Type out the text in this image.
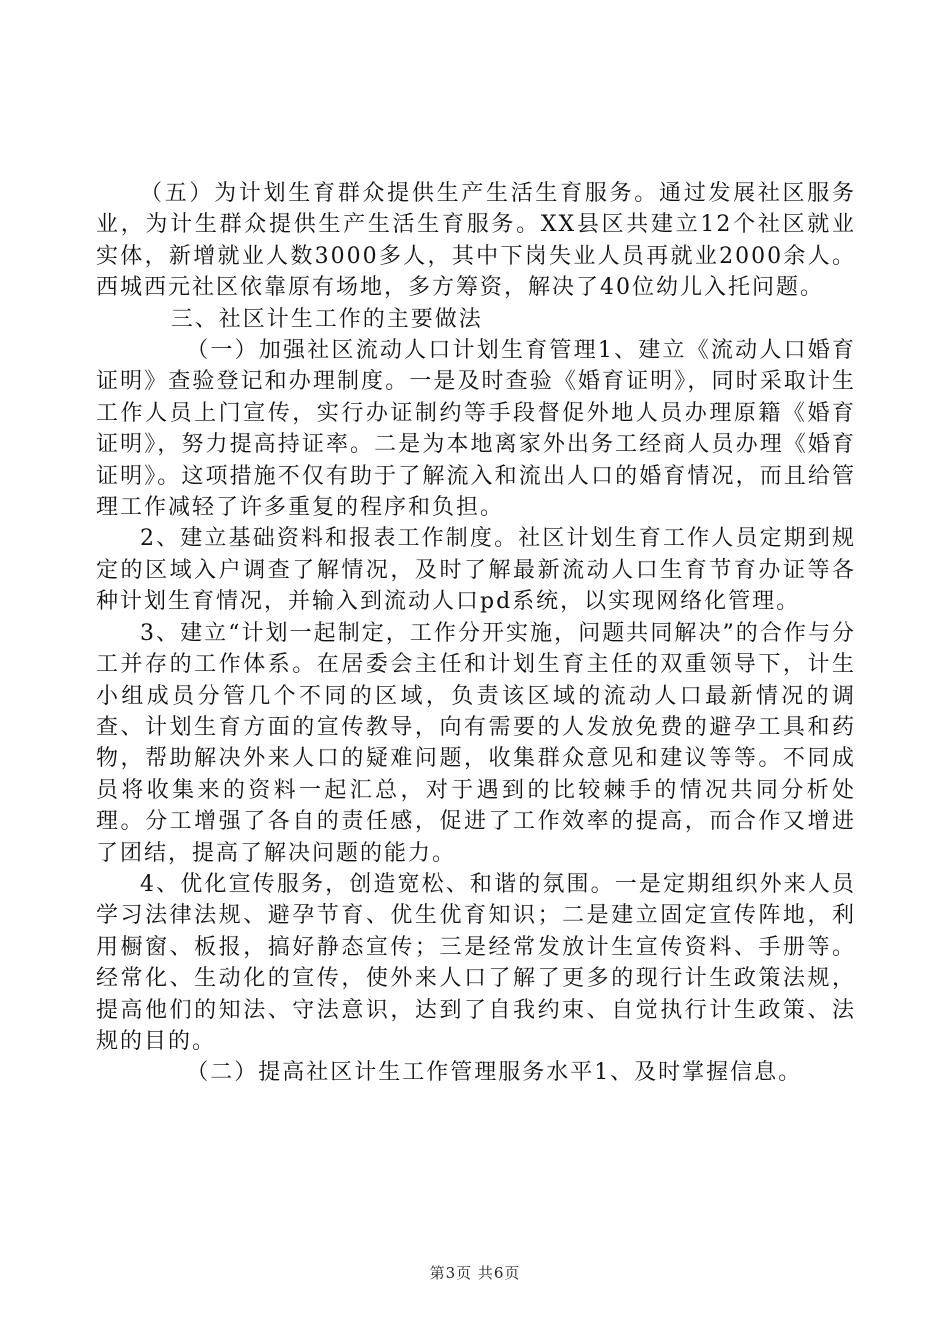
（五）为计划生育群众提供生产生活生育服务。通过发展社区服务业，为计生群众提供生产生活生育服务。XX县区共建立12个社区就业实体，新增就业人数3000多人，其中下岗失业人员再就业2000余人。西城西元社区依靠原有场地，多方筹资，解决了40位幼儿入托问题。

三、社区计生工作的主要做法

（一）加强社区流动人口计划生育管理1、建立《流动人口婚育证明》查验登记和办理制度。一是及时查验《婚育证明》，同时采取计生工作人员上门宣传，实行办证制约等手段督促外地人员办理原籍《婚育证明》，努力提高持证率。二是为本地离家外出务工经商人员办理《婚育证明》。这项措施不仅有助于了解流入和流出人口的婚育情况，而且给管理工作减轻了许多重复的程序和负担。

2、建立基础资料和报表工作制度。社区计划生育工作人员定期到规定的区域入户调查了解情况，及时了解最新流动人口生育节育办证等各种计划生育情况，并输入到流动人口pd系统，以实现网络化管理。

3、建立“计划一起制定，工作分开实施，问题共同解决”的合作与分工并存的工作体系。在居委会主任和计划生育主任的双重领导下，计生小组成员分管几个不同的区域，负责该区域的流动人口最新情况的调查、计划生育方面的宣传教导，向有需要的人发放免费的避孕工具和药物，帮助解决外来人口的疑难问题，收集群众意见和建议等等。不同成员将收集来的资料一起汇总，对于遇到的比较棘手的情况共同分析处理。分工增强了各自的责任感，促进了工作效率的提高，而合作又增进了团结，提高了解决问题的能力。

4、优化宣传服务，创造宽松、和谐的氛围。一是定期组织外来人员学习法律法规、避孕节育、优生优育知识；二是建立固定宣传阵地，利用橱窗、板报，搞好静态宣传；三是经常发放计生宣传资料、手册等。经常化、生动化的宣传，使外来人口了解了更多的现行计生政策法规，提高他们的知法、守法意识，达到了自我约束、自觉执行计生政策、法规的目的。

（二）提高社区计生工作管理服务水平1、及时掌握信息。

第3页 共6页
